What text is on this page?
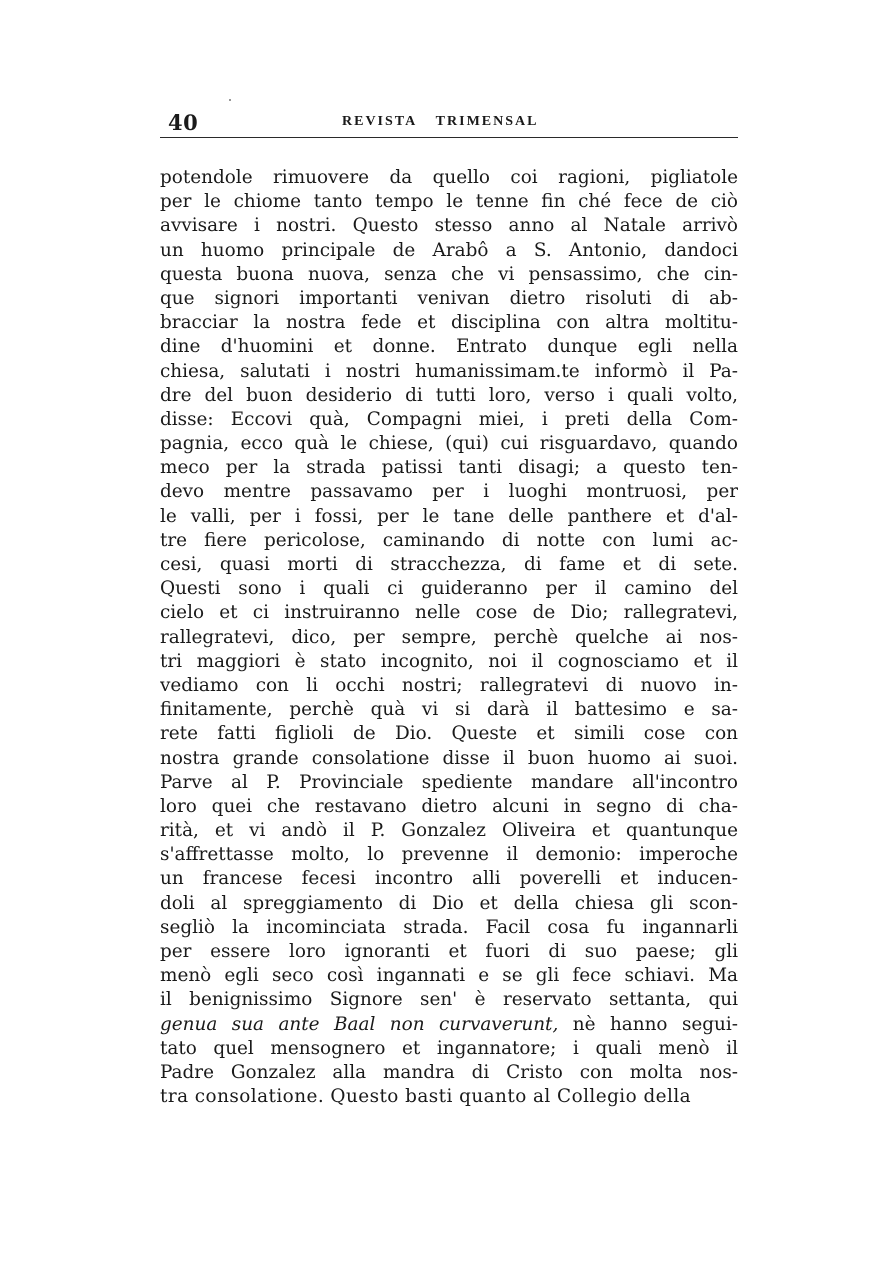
40	REVISTA TRIMENSAL
potendole rimuovere da quello coi ragioni, pigliatole
per le chiome tanto tempo le tenne fin ché fece de ciò
avvisare i nostri. Questo stesso anno al Natale arrivò
un huomo principale de Arabô a S. Antonio, dandoci
questa buona nuova, senza che vi pensassimo, che cin-
que signori importanti venivan dietro risoluti di ab-
bracciar la nostra fede et disciplina con altra moltitu-
dine d'huomini et donne. Entrato dunque egli nella
chiesa, salutati i nostri humanissimam.te informò il Pa-
dre del buon desiderio di tutti loro, verso i quali volto,
disse: Eccovi quà, Compagni miei, i preti della Com-
pagnia, ecco quà le chiese, (qui) cui risguardavo, quando
meco per la strada patissi tanti disagi; a questo ten-
devo mentre passavamo per i luoghi montruosi, per
le valli, per i fossi, per le tane delle panthere et d'al-
tre fiere pericolose, caminando di notte con lumi ac-
cesi, quasi morti di stracchezza, di fame et di sete.
Questi sono i quali ci guideranno per il camino del
cielo et ci instruiranno nelle cose de Dio; rallegratevi,
rallegratevi, dico, per sempre, perchè quelche ai nos-
tri maggiori è stato incognito, noi il cognosciamo et il
vediamo con li occhi nostri; rallegratevi di nuovo in-
finitamente, perchè quà vi si darà il battesimo e sa-
rete fatti figlioli de Dio. Queste et simili cose con
nostra grande consolatione disse il buon huomo ai suoi.
Parve al P. Provinciale spediente mandare all'incontro
loro quei che restavano dietro alcuni in segno di cha-
rità, et vi andò il P. Gonzalez Oliveira et quantunque
s'affrettasse molto, lo prevenne il demonio: imperoche
un francese fecesi incontro alli poverelli et inducen-
doli al spreggiamento di Dio et della chiesa gli scon-
segliò la incominciata strada. Facil cosa fu ingannarli
per essere loro ignoranti et fuori di suo paese; gli
menò egli seco così ingannati e se gli fece schiavi. Ma
il benignissimo Signore sen' è reservato settanta, qui
genua sua ante Baal non curvaverunt, nè hanno segui-
tato quel mensognero et ingannatore; i quali menò il
Padre Gonzalez alla mandra di Cristo con molta nos-
tra consolatione. Questo basti quanto al Collegio della
